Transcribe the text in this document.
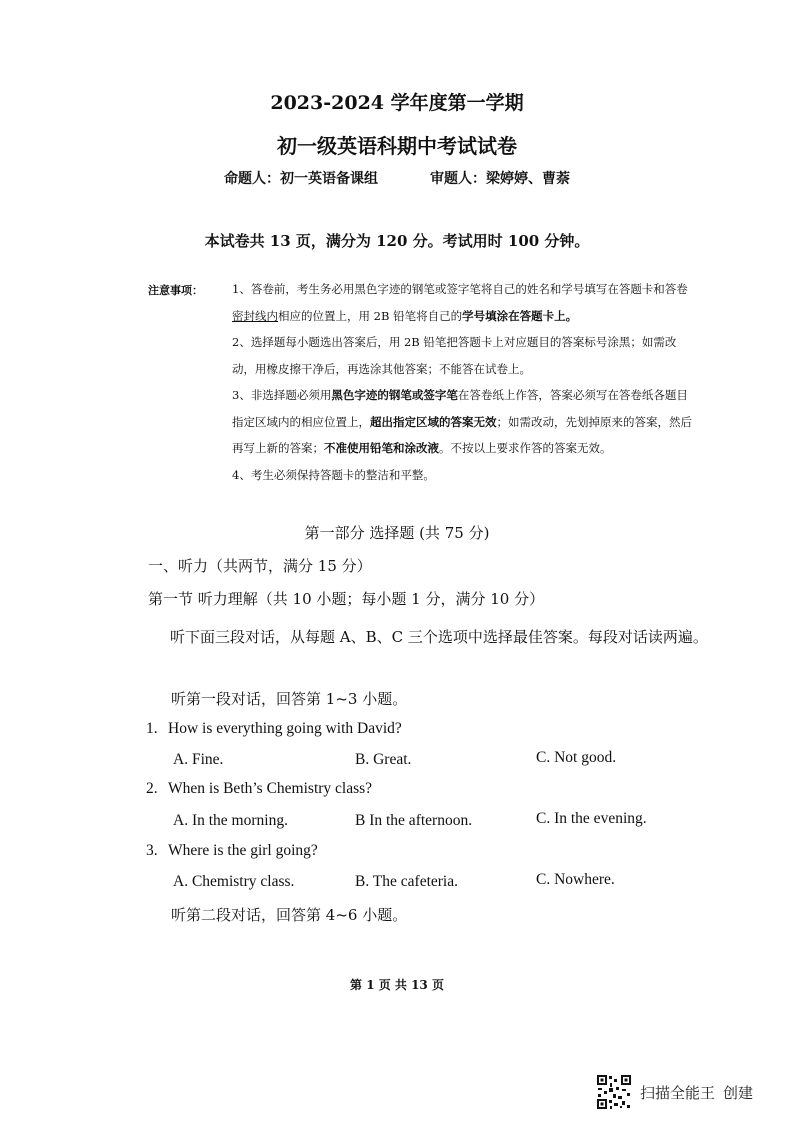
2023-2024 学年度第一学期
初一级英语科期中考试试卷
命题人：初一英语备课组	审题人：梁婷婷、曹萘
本试卷共 13 页，满分为 120 分。考试用时 100 分钟。
注意事项：	1、答卷前，考生务必用黑色字迹的钢笔或签字笔将自己的姓名和学号填写在答题卡和答卷密封线内相应的位置上，用 2B 铅笔将自己的学号填涂在答题卡上。

2、选择题每小题选出答案后，用 2B 铅笔把答题卡上对应题目的答案标号涂黑；如需改动，用橡皮擦干净后，再选涂其他答案；不能答在试卷上。

3、非选择题必须用黑色字迹的钢笔或签字笔在答卷纸上作答，答案必须写在答卷纸各题目指定区域内的相应位置上，超出指定区域的答案无效；如需改动，先划掉原来的答案，然后再写上新的答案；不准使用铅笔和涂改液。不按以上要求作答的答案无效。

4、考生必须保持答题卡的整洁和平整。

第一部分 选择题 (共 75 分)
一、听力（共两节，满分 15 分）
第一节 听力理解（共 10 小题；每小题 1 分，满分 10 分）
听下面三段对话，从每题 A、B、C 三个选项中选择最佳答案。每段对话读两遍。
听第一段对话，回答第 1~3 小题。
1. How is everything going with David?
A. Fine.	B. Great.	C. Not good.
2. When is Beth’s Chemistry class?
A. In the morning.	B In the afternoon.	C. In the evening.
3. Where is the girl going?
A. Chemistry class.	B. The cafeteria.	C. Nowhere.
听第二段对话，回答第 4~6 小题。
第 1 页 共 13 页
扫描全能王 创建
